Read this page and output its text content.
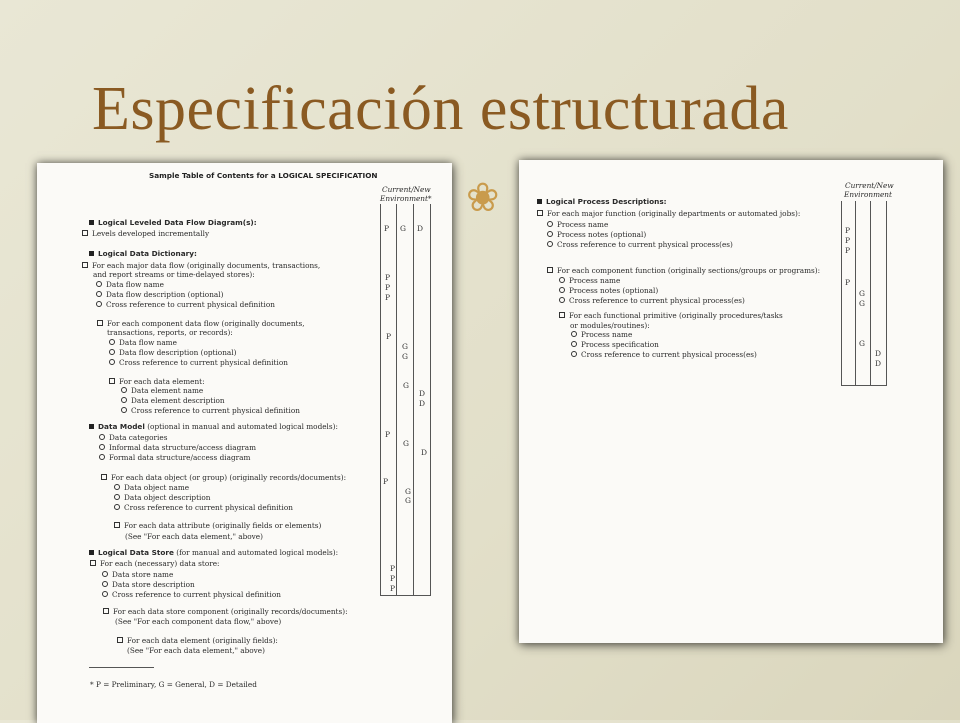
Especificación estructurada
❀
Sample Table of Contents for a LOGICAL SPECIFICATION
Current/New
Environment*
Logical Leveled Data Flow Diagram(s):
Levels developed incrementally
Logical Data Dictionary:
For each major data flow (originally documents, transactions,
and report streams or time-delayed stores):
Data flow name
Data flow description (optional)
Cross reference to current physical definition
For each component data flow (originally documents,
transactions, reports, or records):
Data flow name
Data flow description (optional)
Cross reference to current physical definition
For each data element:
Data element name
Data element description
Cross reference to current physical definition
Data Model (optional in manual and automated logical models):
Data categories
Informal data structure/access diagram
Formal data structure/access diagram
For each data object (or group) (originally records/documents):
Data object name
Data object description
Cross reference to current physical definition
For each data attribute (originally fields or elements)
(See "For each data element," above)
Logical Data Store (for manual and automated logical models):
For each (necessary) data store:
Data store name
Data store description
Cross reference to current physical definition
For each data store component (originally records/documents):
(See "For each component data flow," above)
For each data element (originally fields):
(See "For each data element," above)
P G D
P
P
P
P
G
G
G
D
D
P
G
D
P
G
G
P
P
P
* P = Preliminary, G = General, D = Detailed
Current/New
Environment
Logical Process Descriptions:
For each major function (originally departments or automated jobs):
Process name
Process notes (optional)
Cross reference to current physical process(es)
For each component function (originally sections/groups or programs):
Process name
Process notes (optional)
Cross reference to current physical process(es)
For each functional primitive (originally procedures/tasks
or modules/routines):
Process name
Process specification
Cross reference to current physical process(es)
P
P
P
P
G
G
G
D
D
